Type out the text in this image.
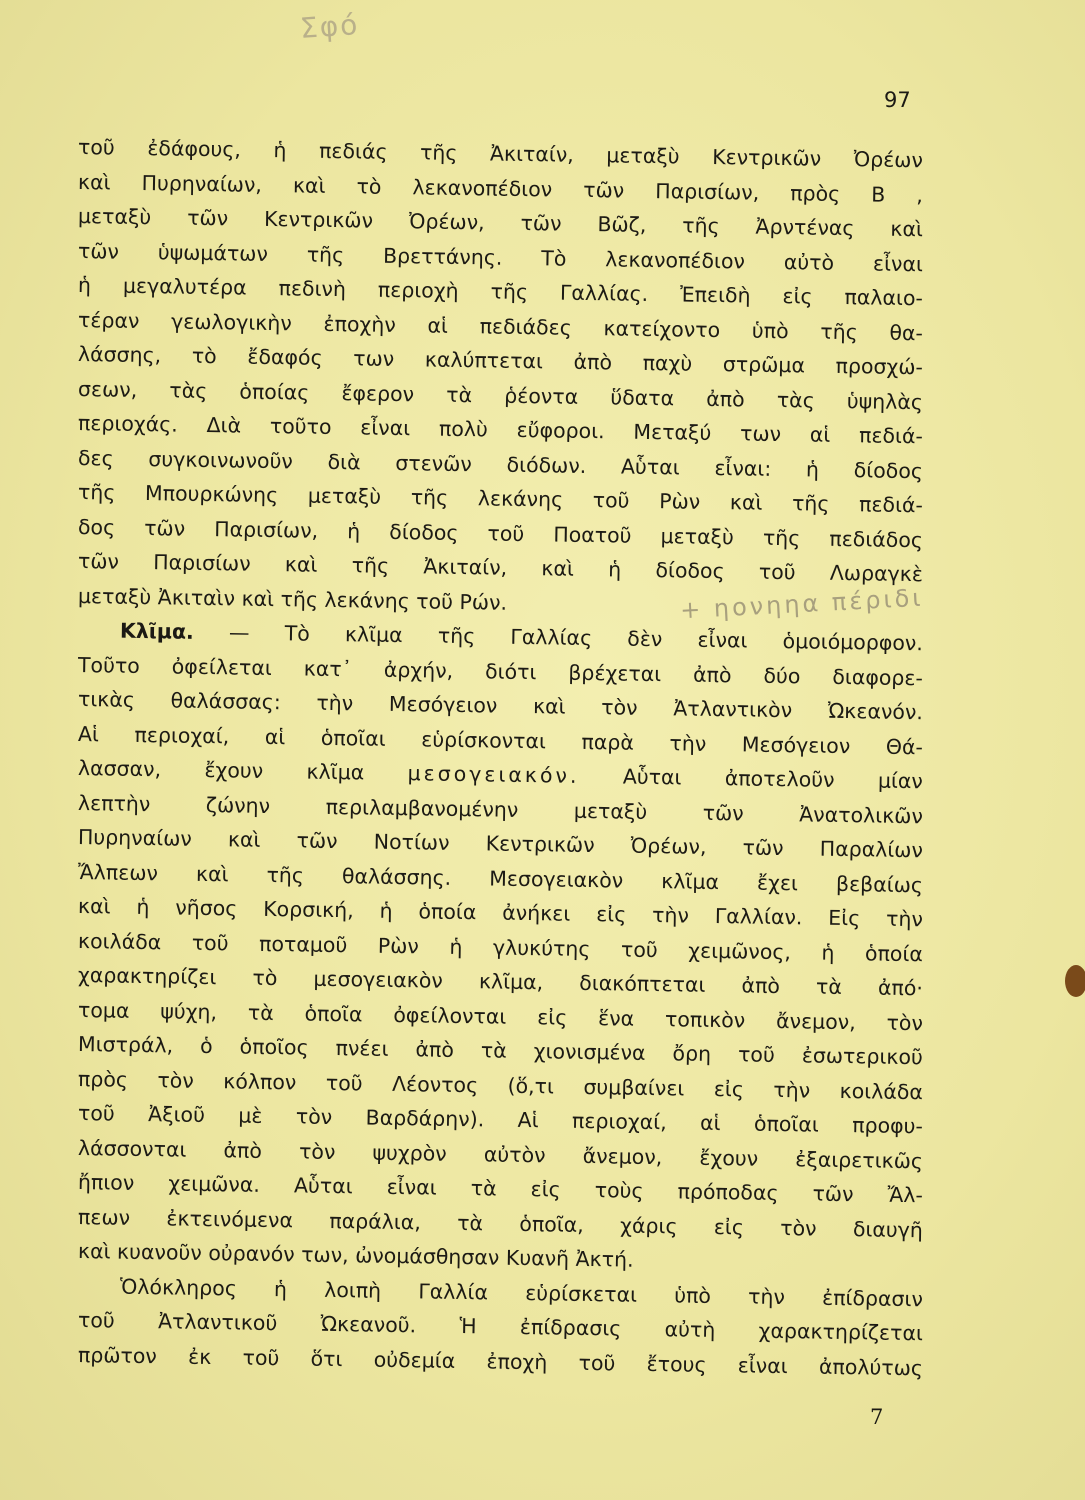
Σφό
97
τοῦ ἐδάφους, ἡ πεδιάς τῆς Ἀκιταίν, μεταξὺ Κεντρικῶν Ὀρέων
καὶ Πυρηναίων, καὶ τὸ λεκανοπέδιον τῶν Παρισίων, πρὸς Β ,
μεταξὺ τῶν Κεντρικῶν Ὀρέων, τῶν Βῶζ, τῆς Ἀρντένας καὶ
τῶν ὑψωμάτων τῆς Βρεττάνης. Τὸ λεκανοπέδιον αὐτὸ εἶναι
ἡ μεγαλυτέρα πεδινὴ περιοχὴ τῆς Γαλλίας. Ἐπειδὴ εἰς παλαιο-
τέραν γεωλογικὴν ἐποχὴν αἱ πεδιάδες κατείχοντο ὑπὸ τῆς θα-
λάσσης, τὸ ἔδαφός των καλύπτεται ἀπὸ παχὺ στρῶμα προσχώ-
σεων, τὰς ὁποίας ἔφερον τὰ ῥέοντα ὕδατα ἀπὸ τὰς ὑψηλὰς
περιοχάς. Διὰ τοῦτο εἶναι πολὺ εὔφοροι. Μεταξύ των αἱ πεδιά-
δες συγκοινωνοῦν διὰ στενῶν διόδων. Αὗται εἶναι: ἡ δίοδος
τῆς Μπουρκώνης μεταξὺ τῆς λεκάνης τοῦ Ρὼν καὶ τῆς πεδιά-
δος τῶν Παρισίων, ἡ δίοδος τοῦ Ποατοῦ μεταξὺ τῆς πεδιάδος
τῶν Παρισίων καὶ τῆς Ἀκιταίν, καὶ ἡ δίοδος τοῦ Λωραγκὲ
μεταξὺ Ἀκιταὶν καὶ τῆς λεκάνης τοῦ Ρών.
Κλῖμα. — Τὸ κλῖμα τῆς Γαλλίας δὲν εἶναι ὁμοιόμορφον.
Τοῦτο ὀφείλεται κατ᾽ ἀρχήν, διότι βρέχεται ἀπὸ δύο διαφορε-
τικὰς θαλάσσας: τὴν Μεσόγειον καὶ τὸν Ἀτλαντικὸν Ὠκεανόν.
Αἱ περιοχαί, αἱ ὁποῖαι εὑρίσκονται παρὰ τὴν Μεσόγειον Θά-
λασσαν, ἔχουν κλῖμα μεσογειακόν. Αὗται ἀποτελοῦν μίαν
λεπτὴν ζώνην περιλαμβανομένην μεταξὺ τῶν Ἀνατολικῶν
Πυρηναίων καὶ τῶν Νοτίων Κεντρικῶν Ὀρέων, τῶν Παραλίων
Ἄλπεων καὶ τῆς θαλάσσης. Μεσογειακὸν κλῖμα ἔχει βεβαίως
καὶ ἡ νῆσος Κορσική, ἡ ὁποία ἀνήκει εἰς τὴν Γαλλίαν. Εἰς τὴν
κοιλάδα τοῦ ποταμοῦ Ρὼν ἡ γλυκύτης τοῦ χειμῶνος, ἡ ὁποία
χαρακτηρίζει τὸ μεσογειακὸν κλῖμα, διακόπτεται ἀπὸ τὰ ἀπό·
τομα ψύχη, τὰ ὁποῖα ὀφείλονται εἰς ἕνα τοπικὸν ἄνεμον, τὸν
Μιστράλ, ὁ ὁποῖος πνέει ἀπὸ τὰ χιονισμένα ὄρη τοῦ ἐσωτερικοῦ
πρὸς τὸν κόλπον τοῦ Λέοντος (ὅ,τι συμβαίνει εἰς τὴν κοιλάδα
τοῦ Ἀξιοῦ μὲ τὸν Βαρδάρην). Αἱ περιοχαί, αἱ ὁποῖαι προφυ-
λάσσονται ἀπὸ τὸν ψυχρὸν αὐτὸν ἄνεμον, ἔχουν ἐξαιρετικῶς
ἤπιον χειμῶνα. Αὗται εἶναι τὰ εἰς τοὺς πρόποδας τῶν Ἄλ-
πεων ἐκτεινόμενα παράλια, τὰ ὁποῖα, χάρις εἰς τὸν διαυγῆ
καὶ κυανοῦν οὐρανόν των, ὠνομάσθησαν Κυανῆ Ἀκτή.
Ὁλόκληρος ἡ λοιπὴ Γαλλία εὑρίσκεται ὑπὸ τὴν ἐπίδρασιν
τοῦ Ἀτλαντικοῦ Ὠκεανοῦ. Ἡ ἐπίδρασις αὐτὴ χαρακτηρίζεται
πρῶτον ἐκ τοῦ ὅτι οὐδεμία ἐποχὴ τοῦ ἔτους εἶναι ἀπολύτως
+ ηονηηα πέριδι
7
